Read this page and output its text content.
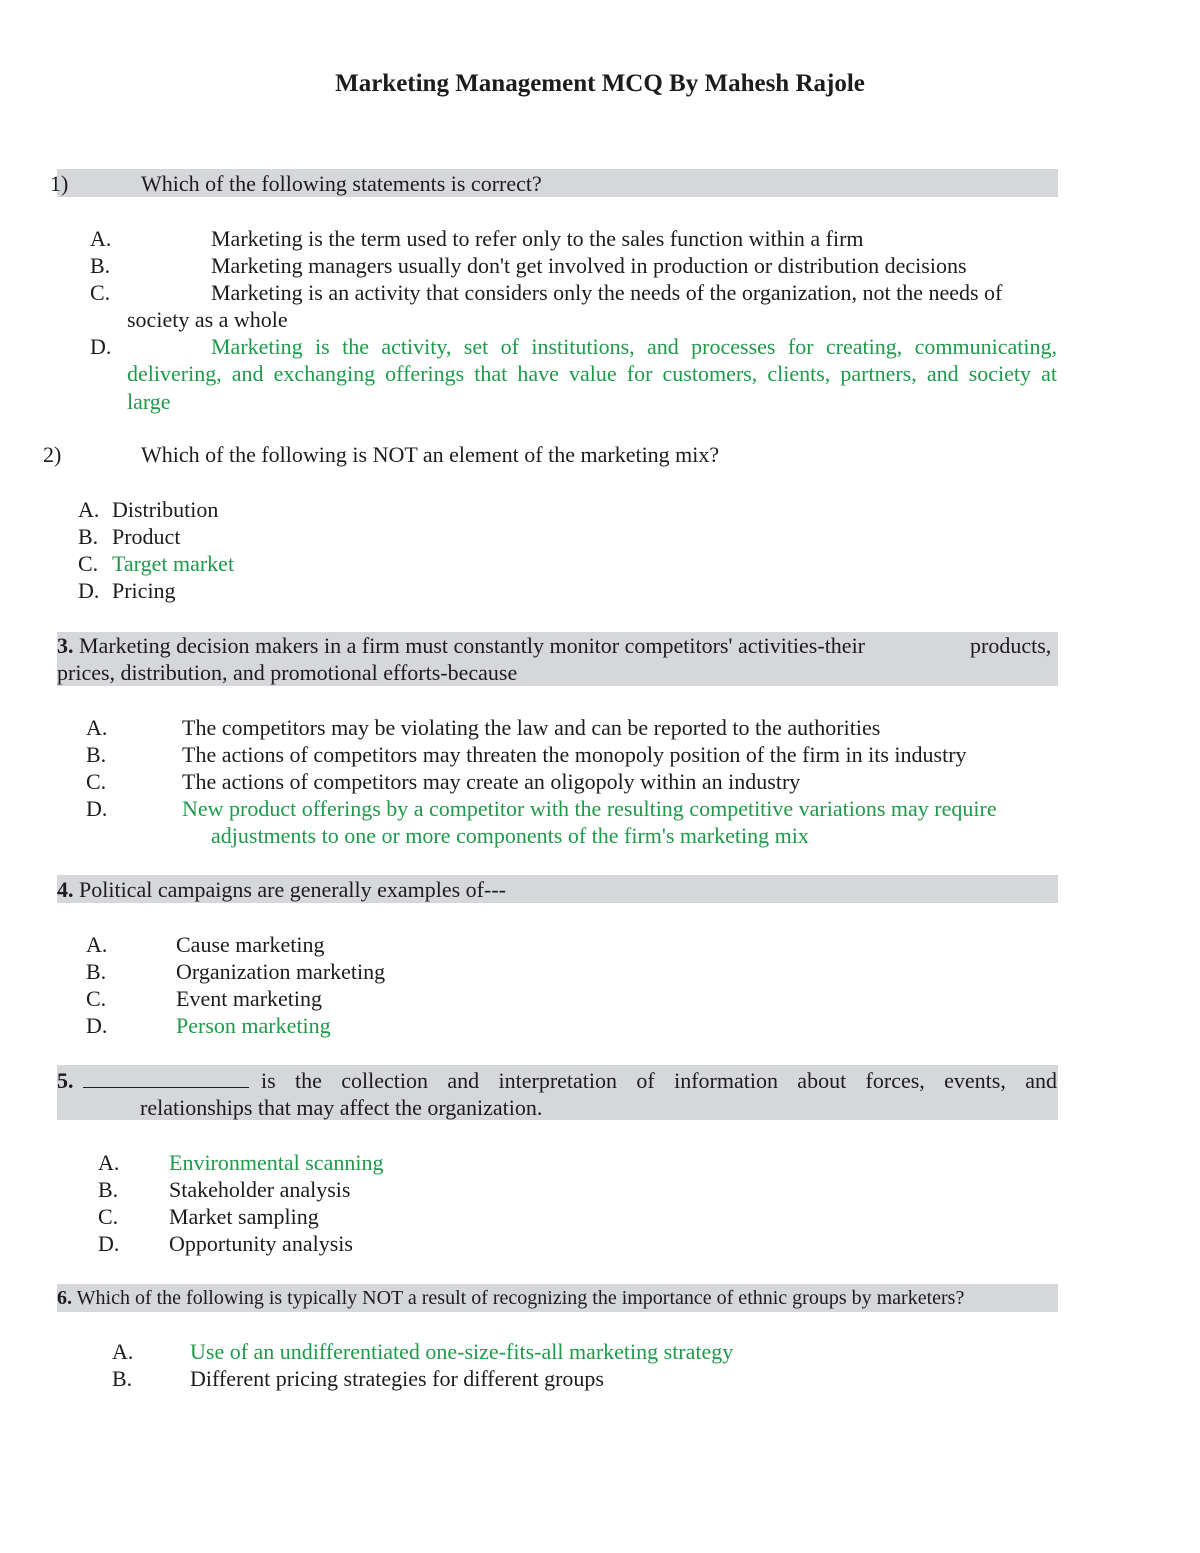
Marketing Management MCQ By Mahesh Rajole
1)	Which of the following statements is correct?
A.	Marketing is the term used to refer only to the sales function within a firm
B.	Marketing managers usually don't get involved in production or distribution decisions
C.	Marketing is an activity that considers only the needs of the organization, not the needs of
society as a whole
D.	Marketing is the activity, set of institutions, and processes for creating, communicating,
delivering, and exchanging offerings that have value for customers, clients, partners, and society at
large
2)	Which of the following is NOT an element of the marketing mix?
A. Distribution
B. Product
C. Target market
D. Pricing
3. Marketing decision makers in a firm must constantly monitor competitors' activities-their	products,
prices, distribution, and promotional efforts-because
A.	The competitors may be violating the law and can be reported to the authorities
B.	The actions of competitors may threaten the monopoly position of the firm in its industry
C.	The actions of competitors may create an oligopoly within an industry
D.	New product offerings by a competitor with the resulting competitive variations may require
adjustments to one or more components of the firm's marketing mix
4. Political campaigns are generally examples of---
A.	Cause marketing
B.	Organization marketing
C.	Event marketing
D.	Person marketing
5.	is the collection and interpretation of information about forces, events, and
relationships that may affect the organization.
A. Environmental scanning
B. Stakeholder analysis
C. Market sampling
D. Opportunity analysis
6. Which of the following is typically NOT a result of recognizing the importance of ethnic groups by marketers?
A.	Use of an undifferentiated one-size-fits-all marketing strategy
B.	Different pricing strategies for different groups
